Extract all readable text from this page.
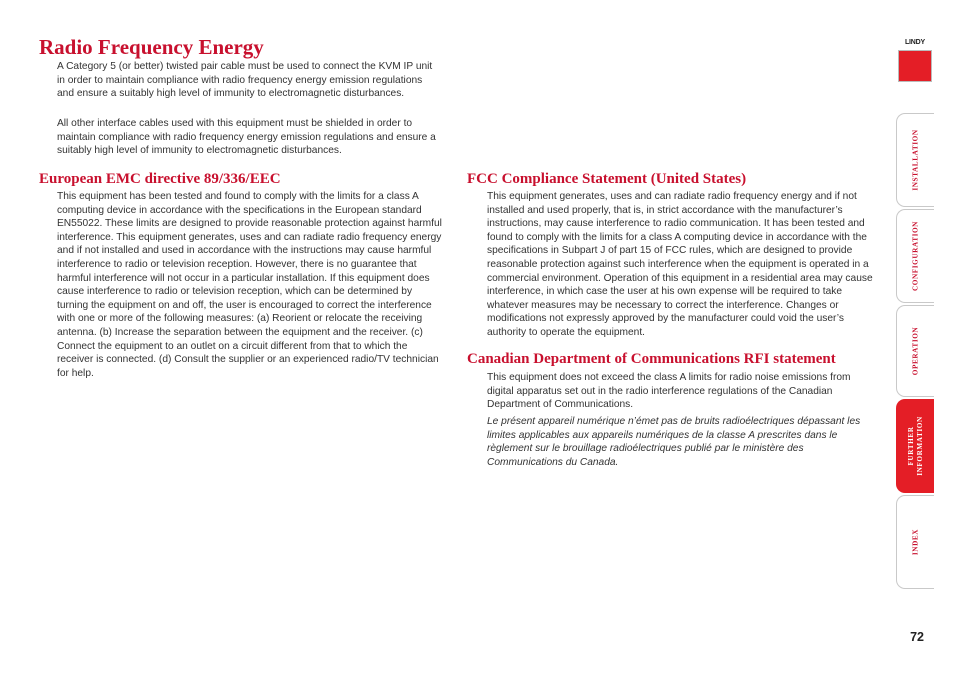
Radio Frequency Energy

A Category 5 (or better) twisted pair cable must be used to connect the KVM IP unit in order to maintain compliance with radio frequency energy emission regulations and ensure a suitably high level of immunity to electromagnetic disturbances.

All other interface cables used with this equipment must be shielded in order to maintain compliance with radio frequency energy emission regulations and ensure a suitably high level of immunity to electromagnetic disturbances.

European EMC directive 89/336/EEC

This equipment has been tested and found to comply with the limits for a class A computing device in accordance with the specifications in the European standard EN55022. These limits are designed to provide reasonable protection against harmful interference. This equipment generates, uses and can radiate radio frequency energy and if not installed and used in accordance with the instructions may cause harmful interference to radio or television reception. However, there is no guarantee that harmful interference will not occur in a particular installation. If this equipment does cause interference to radio or television reception, which can be determined by turning the equipment on and off, the user is encouraged to correct the interference with one or more of the following measures: (a) Reorient or relocate the receiving antenna. (b) Increase the separation between the equipment and the receiver. (c) Connect the equipment to an outlet on a circuit different from that to which the receiver is connected. (d) Consult the supplier or an experienced radio/TV technician for help.

FCC Compliance Statement (United States)

This equipment generates, uses and can radiate radio frequency energy and if not installed and used properly, that is, in strict accordance with the manufacturer’s instructions, may cause interference to radio communication. It has been tested and found to comply with the limits for a class A computing device in accordance with the specifications in Subpart J of part 15 of FCC rules, which are designed to provide reasonable protection against such interference when the equipment is operated in a commercial environment. Operation of this equipment in a residential area may cause interference, in which case the user at his own expense will be required to take whatever measures may be necessary to correct the interference. Changes or modifications not expressly approved by the manufacturer could void the user’s authority to operate the equipment.

Canadian Department of Communications RFI statement

This equipment does not exceed the class A limits for radio noise emissions from digital apparatus set out in the radio interference regulations of the Canadian Department of Communications.

Le présent appareil numérique n’émet pas de bruits radioélectriques dépassant les limites applicables aux appareils numériques de la classe A prescrites dans le règlement sur le brouillage radioélectriques publié par le ministère des Communications du Canada.

LINDY
INSTALLATION
CONFIGURATION
OPERATION
FURTHER
INFORMATION
INDEX
72
